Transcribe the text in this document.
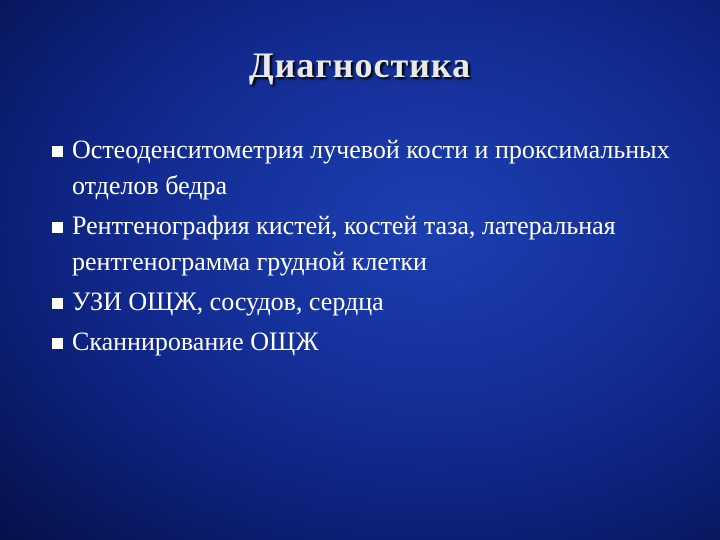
Диагностика
Остеоденситометрия лучевой кости и проксимальных отделов бедра
Рентгенография кистей, костей таза, латеральная рентгенограмма грудной клетки
УЗИ ОЩЖ, сосудов, сердца
Сканнирование ОЩЖ
